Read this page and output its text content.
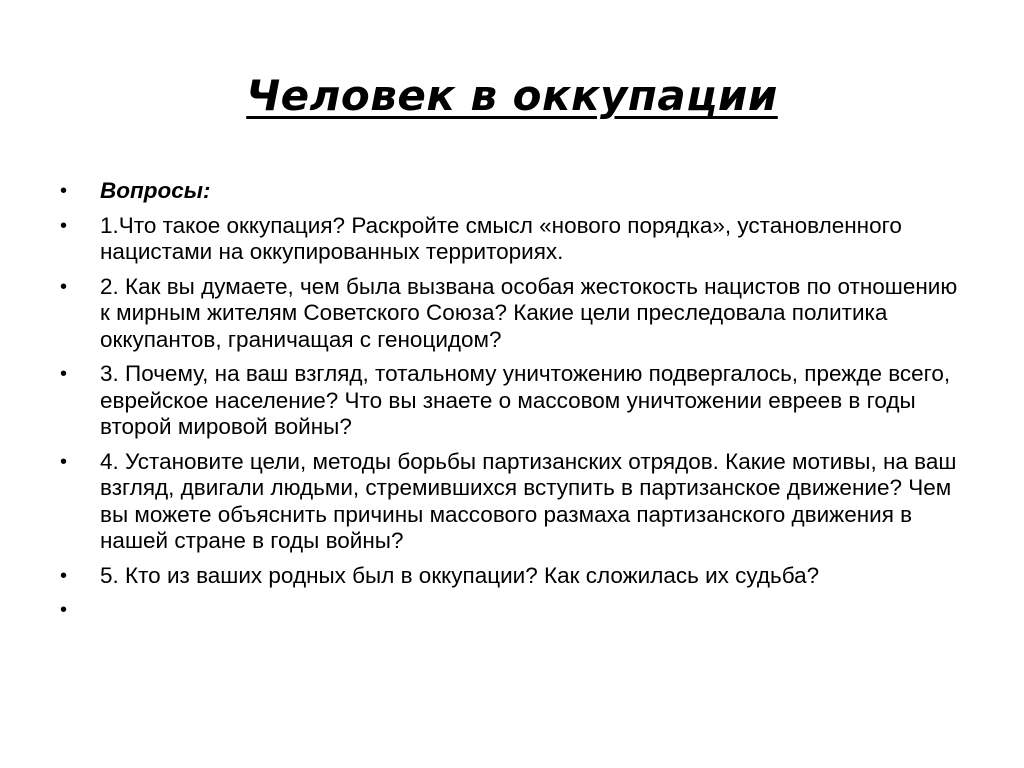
Человек в оккупации
•	Вопросы:
•	1.Что такое оккупация? Раскройте смысл «нового порядка», установленного нацистами на оккупированных территориях.
•	2. Как вы думаете, чем была вызвана особая жестокость нацистов по отношению к мирным жителям Советского Союза? Какие цели преследовала политика оккупантов, граничащая с геноцидом?
•	3. Почему, на ваш взгляд, тотальному уничтожению подвергалось, прежде всего, еврейское население? Что вы знаете о массовом уничтожении евреев в годы второй мировой войны?
•	4. Установите цели, методы борьбы партизанских отрядов. Какие мотивы, на ваш взгляд, двигали людьми, стремившихся вступить в партизанское движение? Чем вы можете объяснить причины массового размаха партизанского движения в нашей стране в годы войны?
•	5. Кто из ваших родных был в оккупации? Как сложилась их судьба?
•
